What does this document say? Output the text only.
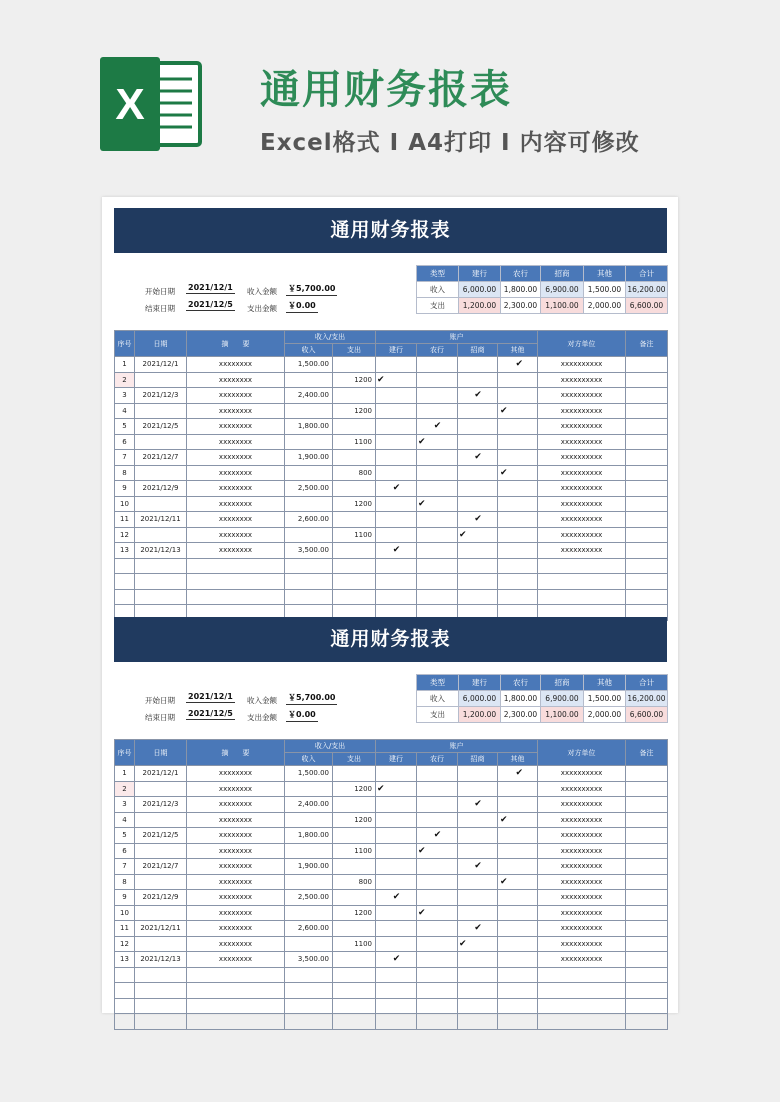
X	通用财务报表
Excel格式 I A4打印 I 内容可修改
通用财务报表
开始日期 2021/12/1
结束日期 2021/12/5
收入金额 ￥5,700.00
支出金额 ￥0.00
类型	建行	农行	招商	其他	合计
收入	6,000.00	1,800.00	6,900.00	1,500.00	16,200.00
支出	1,200.00	2,300.00	1,100.00	2,000.00	6,600.00
序号	日期	摘　　要	收入/支出		账户				对方单位	备注
			收入	支出	建行	农行	招商	其他		
1	2021/12/1	xxxxxxxx	1,500.00					✔	xxxxxxxxxx	
2		xxxxxxxx		1200	✔				xxxxxxxxxx	
3	2021/12/3	xxxxxxxx	2,400.00				✔		xxxxxxxxxx	
4		xxxxxxxx		1200				✔	xxxxxxxxxx	
5	2021/12/5	xxxxxxxx	1,800.00			✔			xxxxxxxxxx	
6		xxxxxxxx		1100		✔			xxxxxxxxxx	
7	2021/12/7	xxxxxxxx	1,900.00				✔		xxxxxxxxxx	
8		xxxxxxxx		800				✔	xxxxxxxxxx	
9	2021/12/9	xxxxxxxx	2,500.00		✔				xxxxxxxxxx	
10		xxxxxxxx		1200		✔			xxxxxxxxxx	
11	2021/12/11	xxxxxxxx	2,600.00				✔		xxxxxxxxxx	
12		xxxxxxxx		1100			✔		xxxxxxxxxx	
13	2021/12/13	xxxxxxxx	3,500.00		✔				xxxxxxxxxx	

通用财务报表
开始日期 2021/12/1
结束日期 2021/12/5
收入金额 ￥5,700.00
支出金额 ￥0.00
类型	建行	农行	招商	其他	合计
收入	6,000.00	1,800.00	6,900.00	1,500.00	16,200.00
支出	1,200.00	2,300.00	1,100.00	2,000.00	6,600.00
序号	日期	摘　　要	收入/支出		账户				对方单位	备注
			收入	支出	建行	农行	招商	其他		
1	2021/12/1	xxxxxxxx	1,500.00					✔	xxxxxxxxxx	
2		xxxxxxxx		1200	✔				xxxxxxxxxx	
3	2021/12/3	xxxxxxxx	2,400.00				✔		xxxxxxxxxx	
4		xxxxxxxx		1200				✔	xxxxxxxxxx	
5	2021/12/5	xxxxxxxx	1,800.00			✔			xxxxxxxxxx	
6		xxxxxxxx		1100		✔			xxxxxxxxxx	
7	2021/12/7	xxxxxxxx	1,900.00				✔		xxxxxxxxxx	
8		xxxxxxxx		800				✔	xxxxxxxxxx	
9	2021/12/9	xxxxxxxx	2,500.00		✔				xxxxxxxxxx	
10		xxxxxxxx		1200		✔			xxxxxxxxxx	
11	2021/12/11	xxxxxxxx	2,600.00				✔		xxxxxxxxxx	
12		xxxxxxxx		1100			✔		xxxxxxxxxx	
13	2021/12/13	xxxxxxxx	3,500.00		✔				xxxxxxxxxx	
